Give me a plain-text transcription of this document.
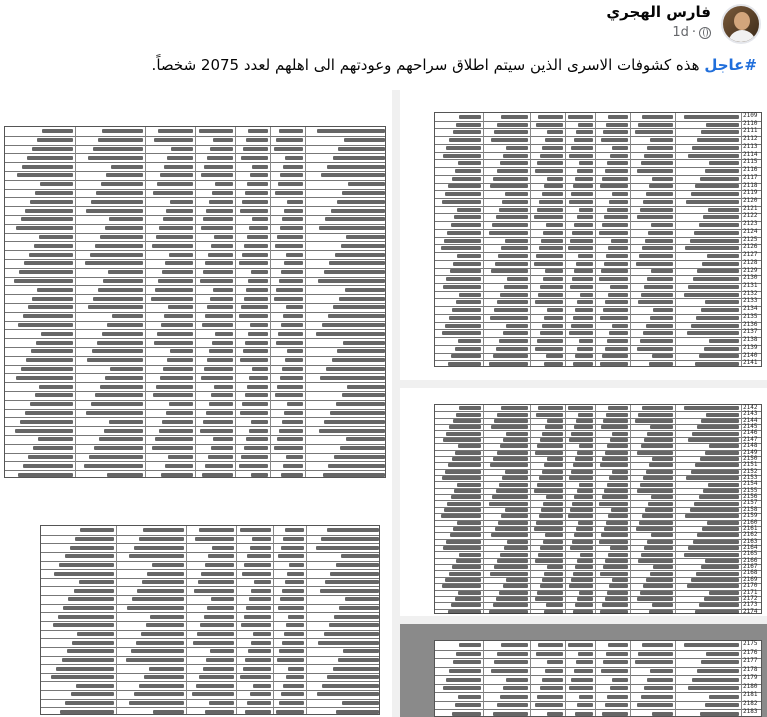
فارس الهجري
1d ·
#عاجل هذه كشوفات الاسرى الذين سيتم اطلاق سراحهم وعودتهم الى اهلهم لعدد 2075 شخصاً.
2109
2110
2111
2112
2113
2114
2115
2116
2117
2118
2119
2120
2121
2122
2123
2124
2125
2126
2127
2128
2129
2130
2131
2132
2133
2134
2135
2136
2137
2138
2139
2140
2141
2142
2143
2144
2145
2146
2147
2148
2149
2150
2151
2152
2153
2154
2155
2156
2157
2158
2159
2160
2161
2162
2163
2164
2165
2166
2167
2168
2169
2170
2171
2172
2173
2174
2175
2176
2177
2178
2179
2180
2181
2182
2183
